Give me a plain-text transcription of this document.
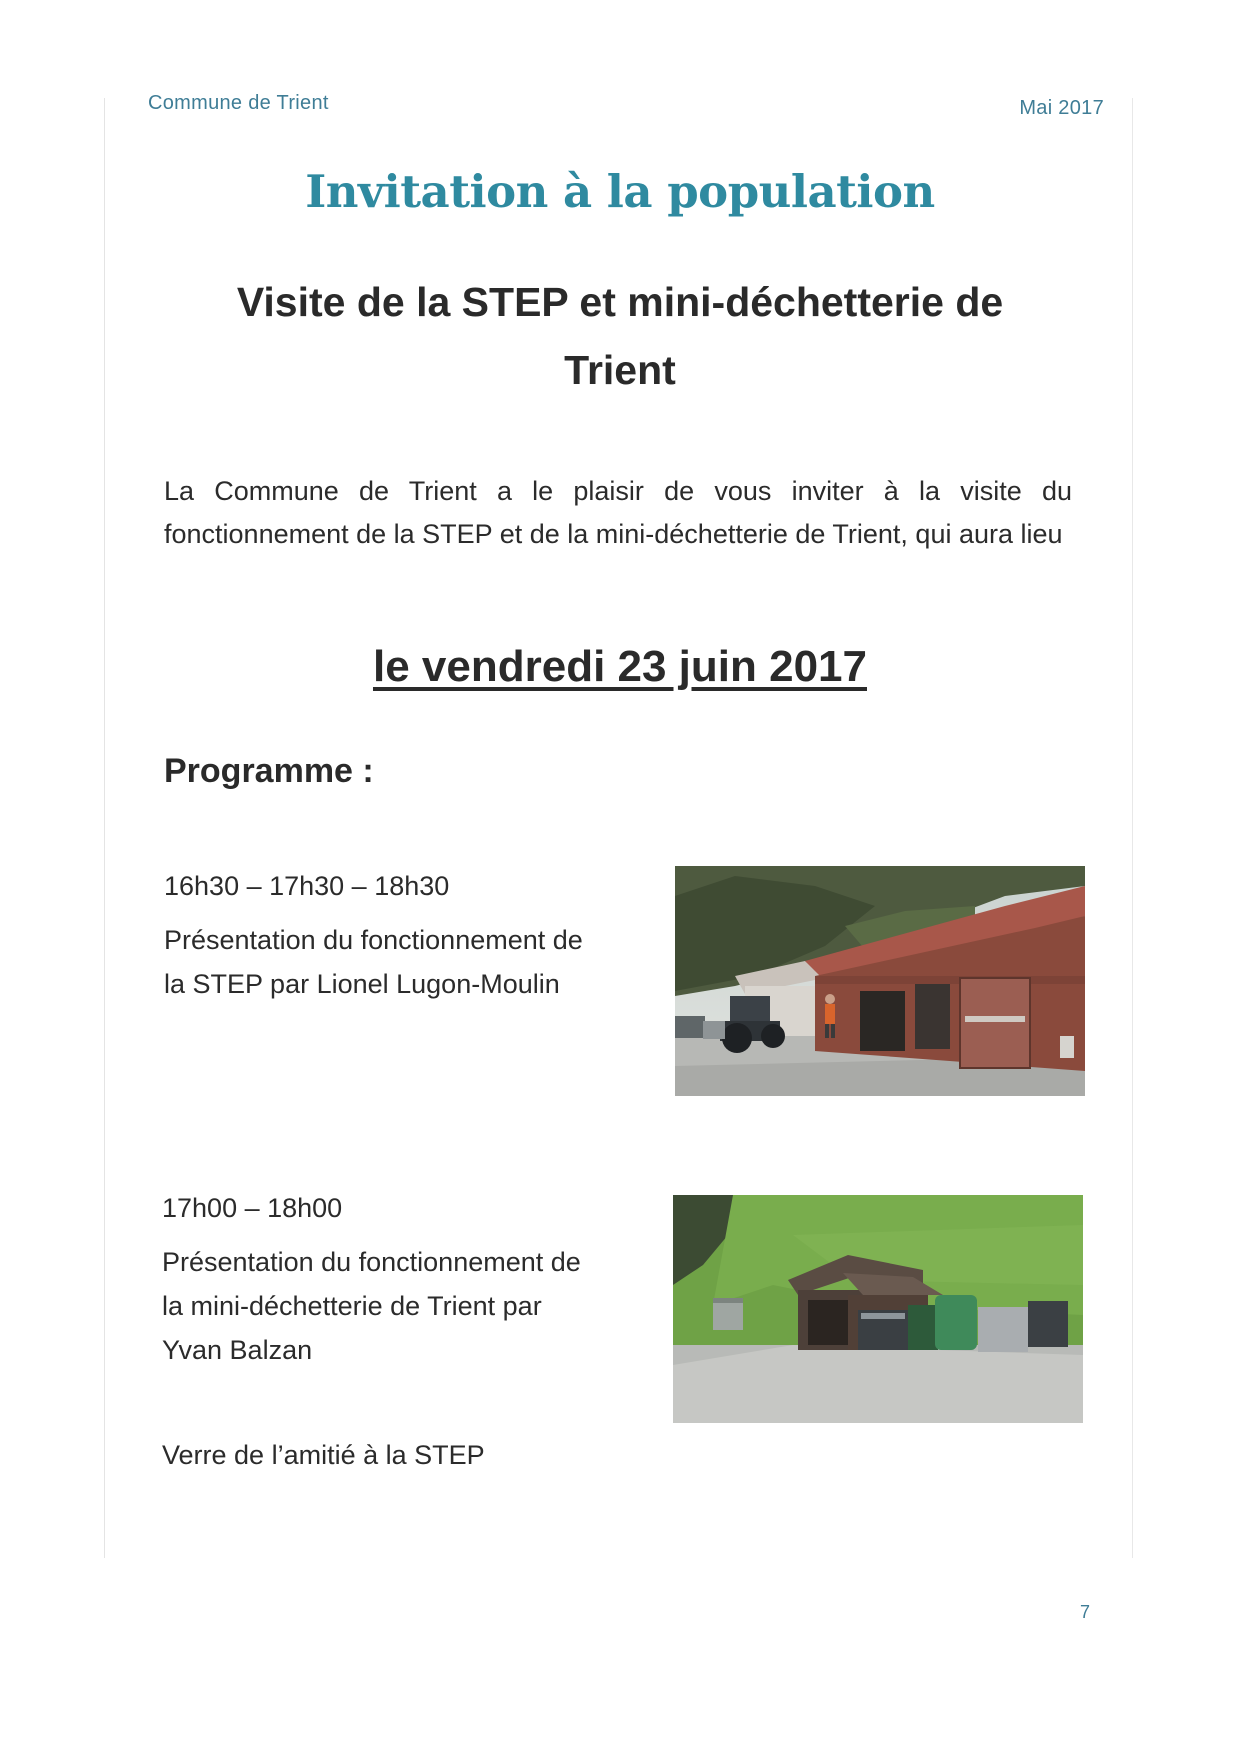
Commune de Trient	Mai 2017
Invitation à la population
Visite de la STEP et mini-déchetterie de
Trient
La Commune de Trient a le plaisir de vous inviter à la visite du fonctionnement de la STEP et de la mini-déchetterie de Trient, qui aura lieu
le vendredi 23 juin 2017
Programme :
16h30 – 17h30 – 18h30
Présentation du fonctionnement de
la STEP par Lionel Lugon-Moulin
17h00 – 18h00
Présentation du fonctionnement de
la mini-déchetterie de Trient par
Yvan Balzan
Verre de l’amitié à la STEP
7
